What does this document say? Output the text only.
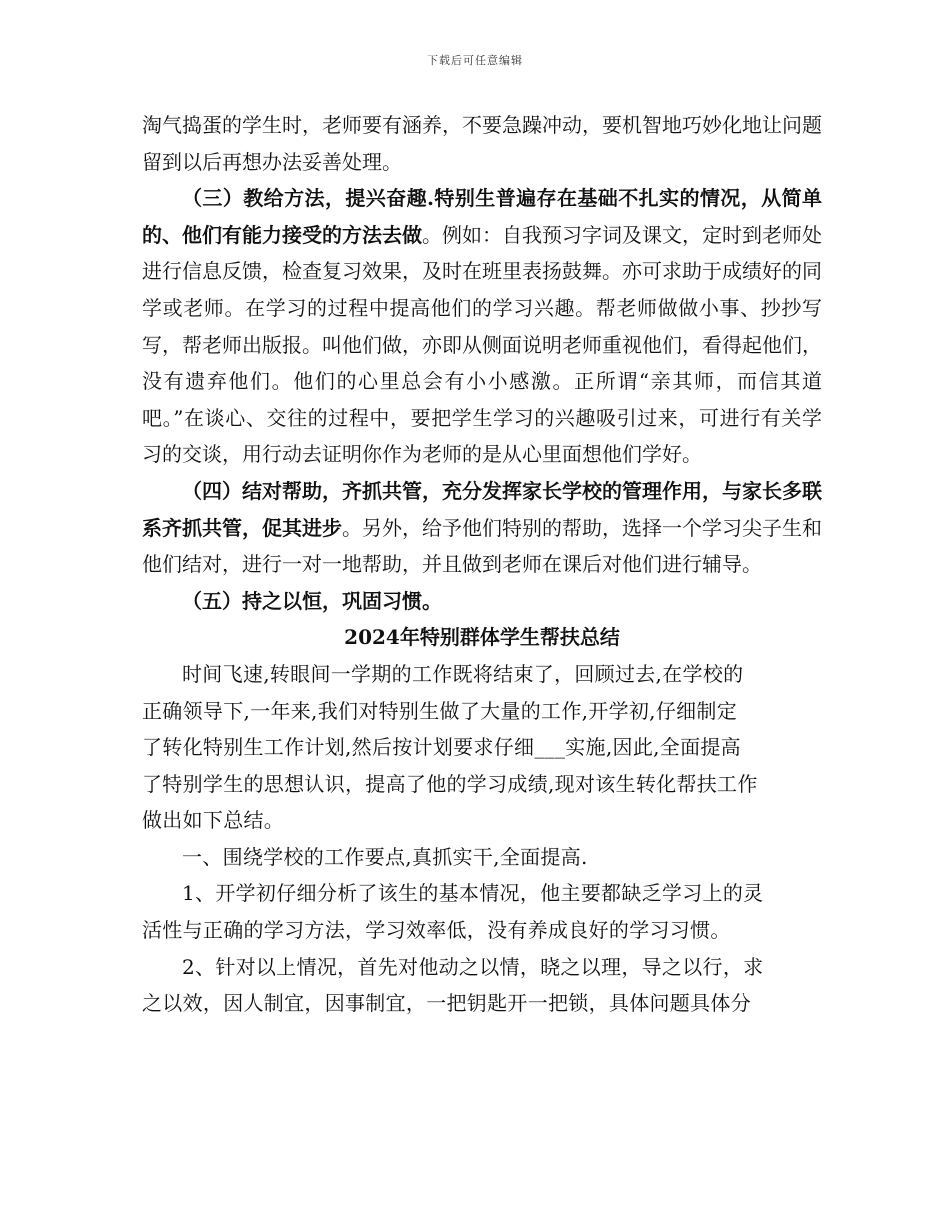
下载后可任意编辑

淘气捣蛋的学生时，老师要有涵养，不要急躁冲动，要机智地巧妙化地让问题留到以后再想办法妥善处理。

（三）教给方法，提兴奋趣.特别生普遍存在基础不扎实的情况，从简单的、他们有能力接受的方法去做。例如：自我预习字词及课文，定时到老师处进行信息反馈，检查复习效果，及时在班里表扬鼓舞。亦可求助于成绩好的同学或老师。在学习的过程中提高他们的学习兴趣。帮老师做做小事、抄抄写写，帮老师出版报。叫他们做，亦即从侧面说明老师重视他们，看得起他们，没有遗弃他们。他们的心里总会有小小感激。正所谓“亲其师，而信其道吧。”在谈心、交往的过程中，要把学生学习的兴趣吸引过来，可进行有关学习的交谈，用行动去证明你作为老师的是从心里面想他们学好。

（四）结对帮助，齐抓共管，充分发挥家长学校的管理作用，与家长多联系齐抓共管，促其进步。另外，给予他们特别的帮助，选择一个学习尖子生和他们结对，进行一对一地帮助，并且做到老师在课后对他们进行辅导。

（五）持之以恒，巩固习惯。

2024年特别群体学生帮扶总结

时间飞速,转眼间一学期的工作既将结束了，回顾过去,在学校的

正确领导下,一年来,我们对特别生做了大量的工作,开学初,仔细制定

了转化特别生工作计划,然后按计划要求仔细___实施,因此,全面提高

了特别学生的思想认识，提高了他的学习成绩,现对该生转化帮扶工作

做出如下总结。

一、围绕学校的工作要点,真抓实干,全面提高.

1、开学初仔细分析了该生的基本情况，他主要都缺乏学习上的灵

活性与正确的学习方法，学习效率低，没有养成良好的学习习惯。

2、针对以上情况，首先对他动之以情，晓之以理，导之以行，求

之以效，因人制宜，因事制宜，一把钥匙开一把锁，具体问题具体分
